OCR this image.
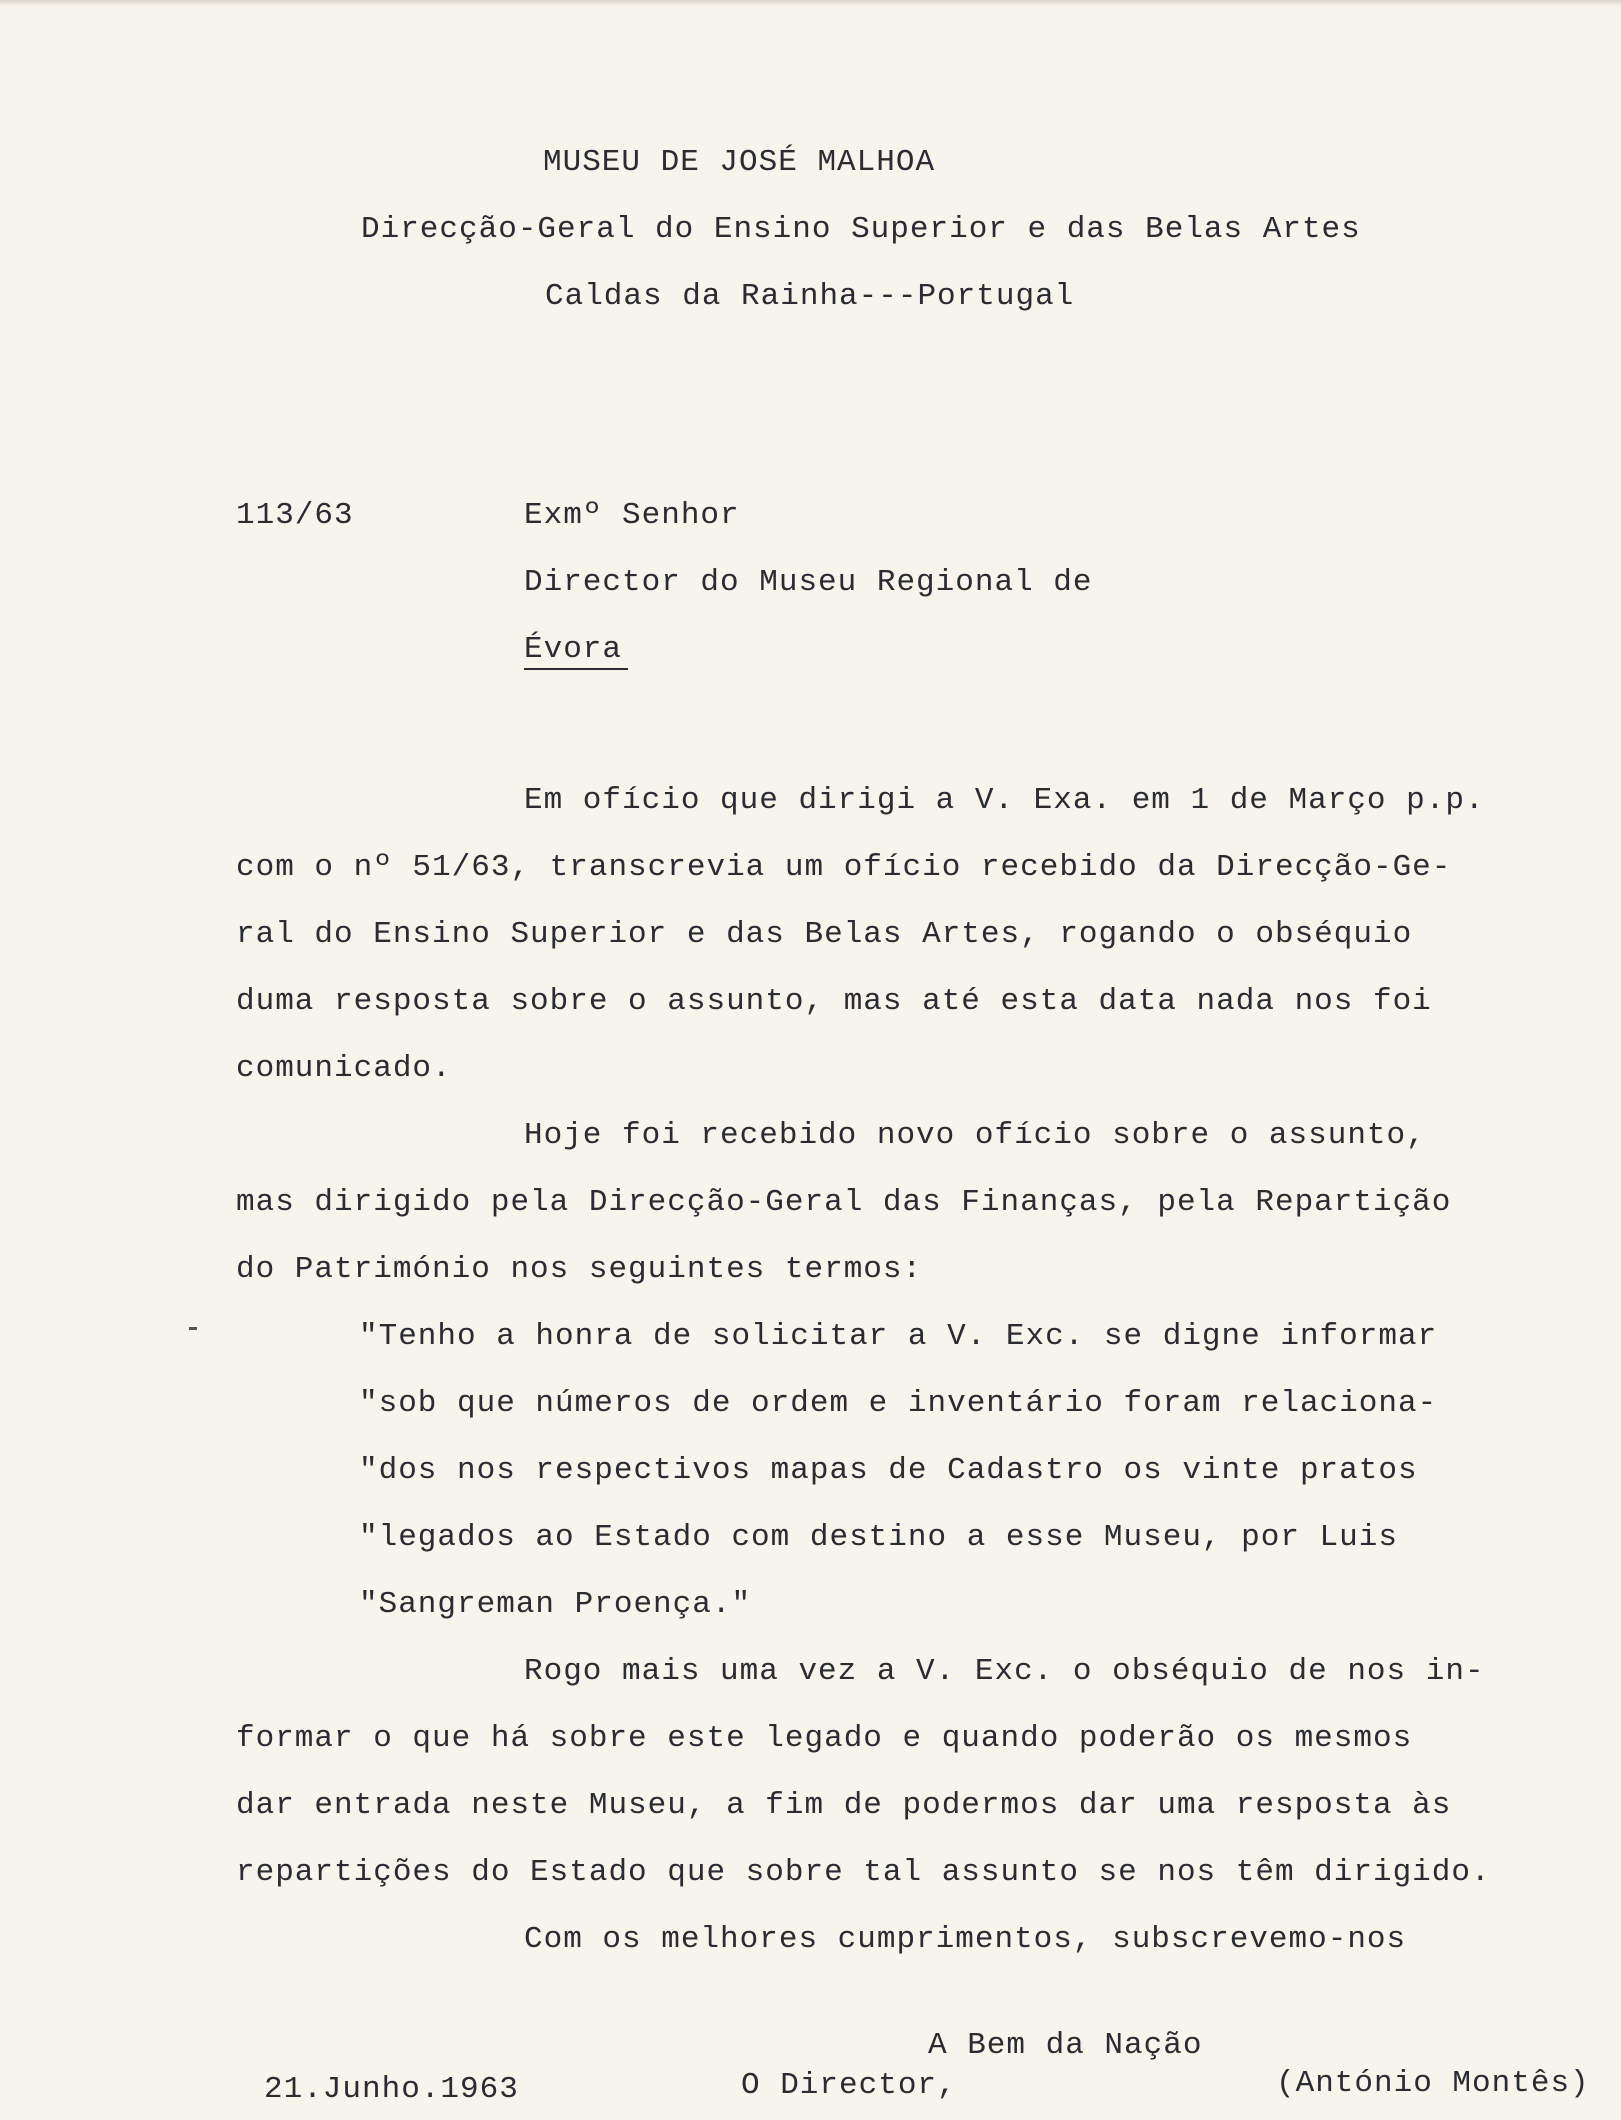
MUSEU DE JOSÉ MALHOA
Direcção-Geral do Ensino Superior e das Belas Artes
Caldas da Rainha---Portugal
113/63	Exmº Senhor
Director do Museu Regional de
Évora
Em ofício que dirigi a V. Exa. em 1 de Março p.p.
com o nº 51/63, transcrevia um ofício recebido da Direcção-Ge-
ral do Ensino Superior e das Belas Artes, rogando o obséquio
duma resposta sobre o assunto, mas até esta data nada nos foi
comunicado.
Hoje foi recebido novo ofício sobre o assunto,
mas dirigido pela Direcção-Geral das Finanças, pela Repartição
do Património nos seguintes termos:
"Tenho a honra de solicitar a V. Exc. se digne informar
"sob que números de ordem e inventário foram relaciona-
"dos nos respectivos mapas de Cadastro os vinte pratos
"legados ao Estado com destino a esse Museu, por Luis
"Sangreman Proença."
Rogo mais uma vez a V. Exc. o obséquio de nos in-
formar o que há sobre este legado e quando poderão os mesmos
dar entrada neste Museu, a fim de podermos dar uma resposta às
repartições do Estado que sobre tal assunto se nos têm dirigido.
Com os melhores cumprimentos, subscrevemo-nos
A Bem da Nação
21.Junho.1963	O Director,	(António Montês)
